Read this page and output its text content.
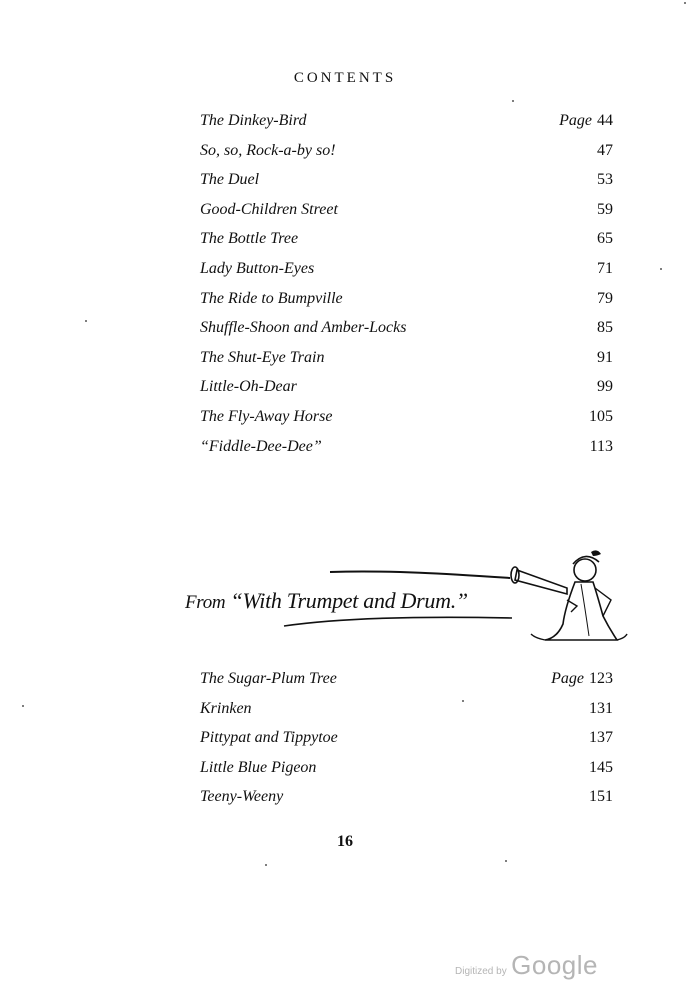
CONTENTS
The Dinkey-Bird	Page 44
So, so, Rock-a-by so!	47
The Duel	53
Good-Children Street	59
The Bottle Tree	65
Lady Button-Eyes	71
The Ride to Bumpville	79
Shuffle-Shoon and Amber-Locks	85
The Shut-Eye Train	91
Little-Oh-Dear	99
The Fly-Away Horse	105
“Fiddle-Dee-Dee”	113
From “With Trumpet and Drum.”
The Sugar-Plum Tree	Page 123
Krinken	131
Pittypat and Tippytoe	137
Little Blue Pigeon	145
Teeny-Weeny	151
16
Digitized by Google
